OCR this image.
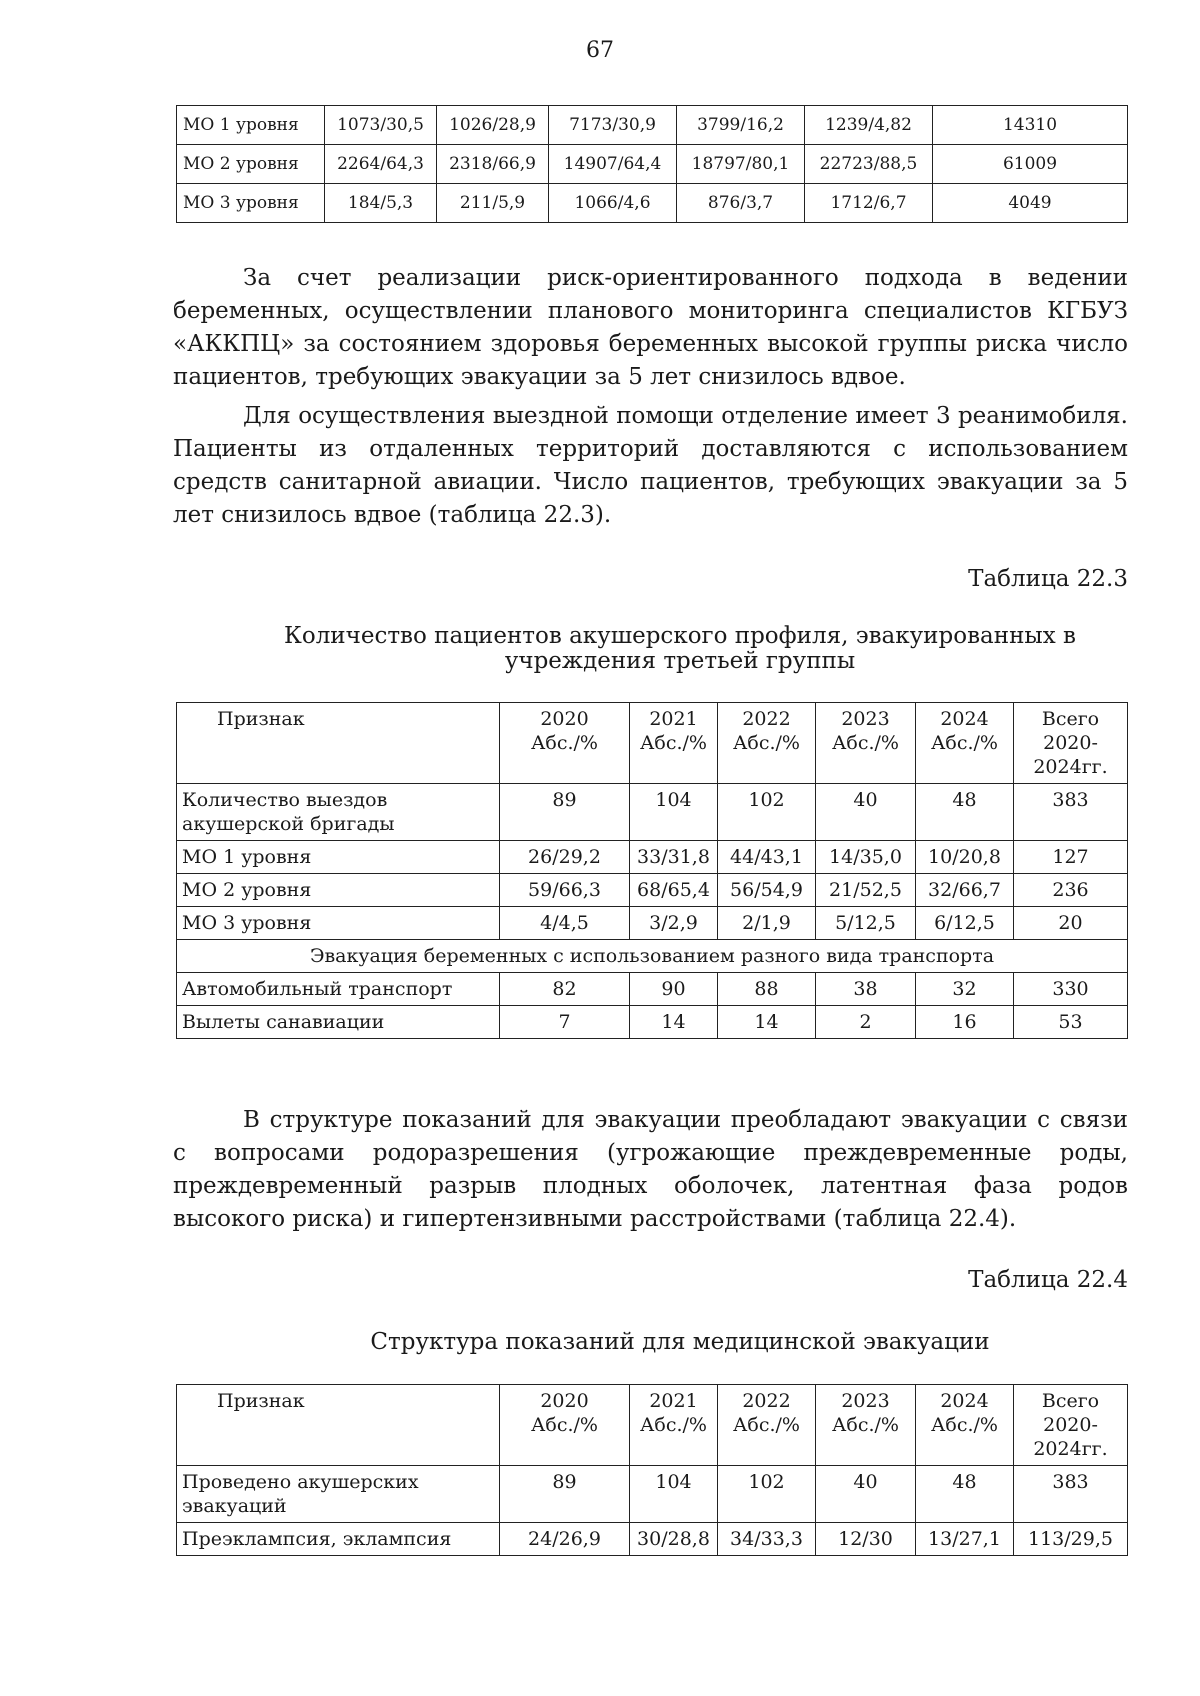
67
МО 1 уровня	1073/30,5	1026/28,9	7173/30,9	3799/16,2	1239/4,82	14310
МО 2 уровня	2264/64,3	2318/66,9	14907/64,4	18797/80,1	22723/88,5	61009
МО 3 уровня	184/5,3	211/5,9	1066/4,6	876/3,7	1712/6,7	4049

За счет реализации риск-ориентированного подхода в ведении беременных, осуществлении планового мониторинга специалистов КГБУЗ «АККПЦ» за состоянием здоровья беременных высокой группы риска число пациентов, требующих эвакуации за 5 лет снизилось вдвое.

Для осуществления выездной помощи отделение имеет 3 реанимобиля. Пациенты из отдаленных территорий доставляются с использованием средств санитарной авиации. Число пациентов, требующих эвакуации за 5 лет снизилось вдвое (таблица 22.3).

Таблица 22.3
Количество пациентов акушерского профиля, эвакуированных в учреждения третьей группы
Признак	2020 Абс./%	2021 Абс./%	2022 Абс./%	2023 Абс./%	2024 Абс./%	Всего 2020-2024гг.
Количество выездов акушерской бригады	89	104	102	40	48	383
МО 1 уровня	26/29,2	33/31,8	44/43,1	14/35,0	10/20,8	127
МО 2 уровня	59/66,3	68/65,4	56/54,9	21/52,5	32/66,7	236
МО 3 уровня	4/4,5	3/2,9	2/1,9	5/12,5	6/12,5	20
Эвакуация беременных с использованием разного вида транспорта						
Автомобильный транспорт	82	90	88	38	32	330
Вылеты санавиации	7	14	14	2	16	53

В структуре показаний для эвакуации преобладают эвакуации с связи с вопросами родоразрешения (угрожающие преждевременные роды, преждевременный разрыв плодных оболочек, латентная фаза родов высокого риска) и гипертензивными расстройствами (таблица 22.4).

Таблица 22.4
Структура показаний для медицинской эвакуации
Признак	2020 Абс./%	2021 Абс./%	2022 Абс./%	2023 Абс./%	2024 Абс./%	Всего 2020-2024гг.
Проведено акушерских эвакуаций	89	104	102	40	48	383
Преэклампсия, эклампсия	24/26,9	30/28,8	34/33,3	12/30	13/27,1	113/29,5
